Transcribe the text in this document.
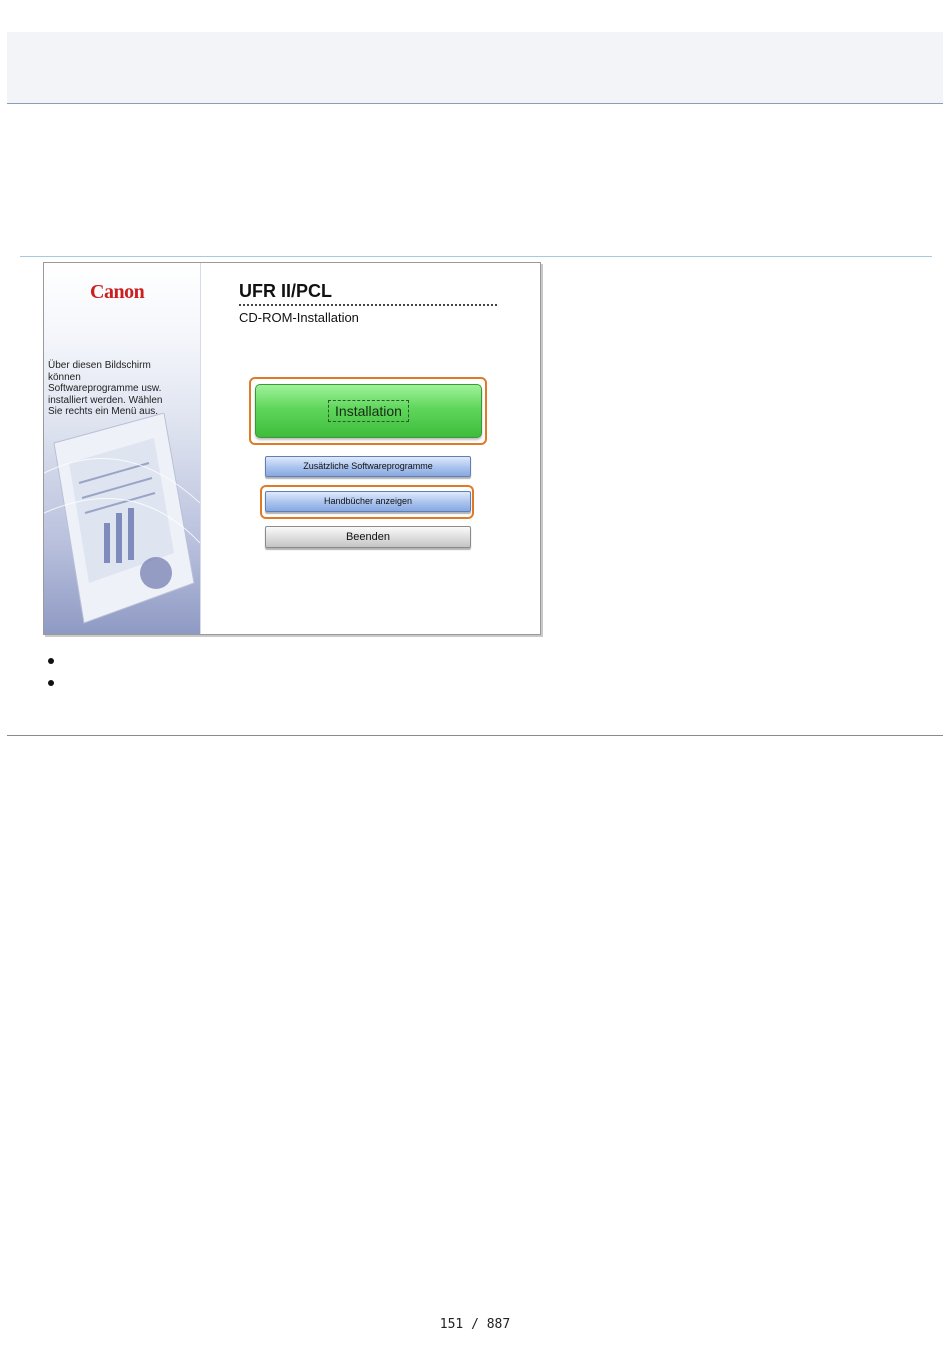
Canon
Über diesen Bildschirm
können
Softwareprogramme usw.
installiert werden. Wählen
Sie rechts ein Menü aus.
UFR II/PCL
CD-ROM-Installation
Installation
Zusätzliche Softwareprogramme
Handbücher anzeigen
Beenden
151 / 887
